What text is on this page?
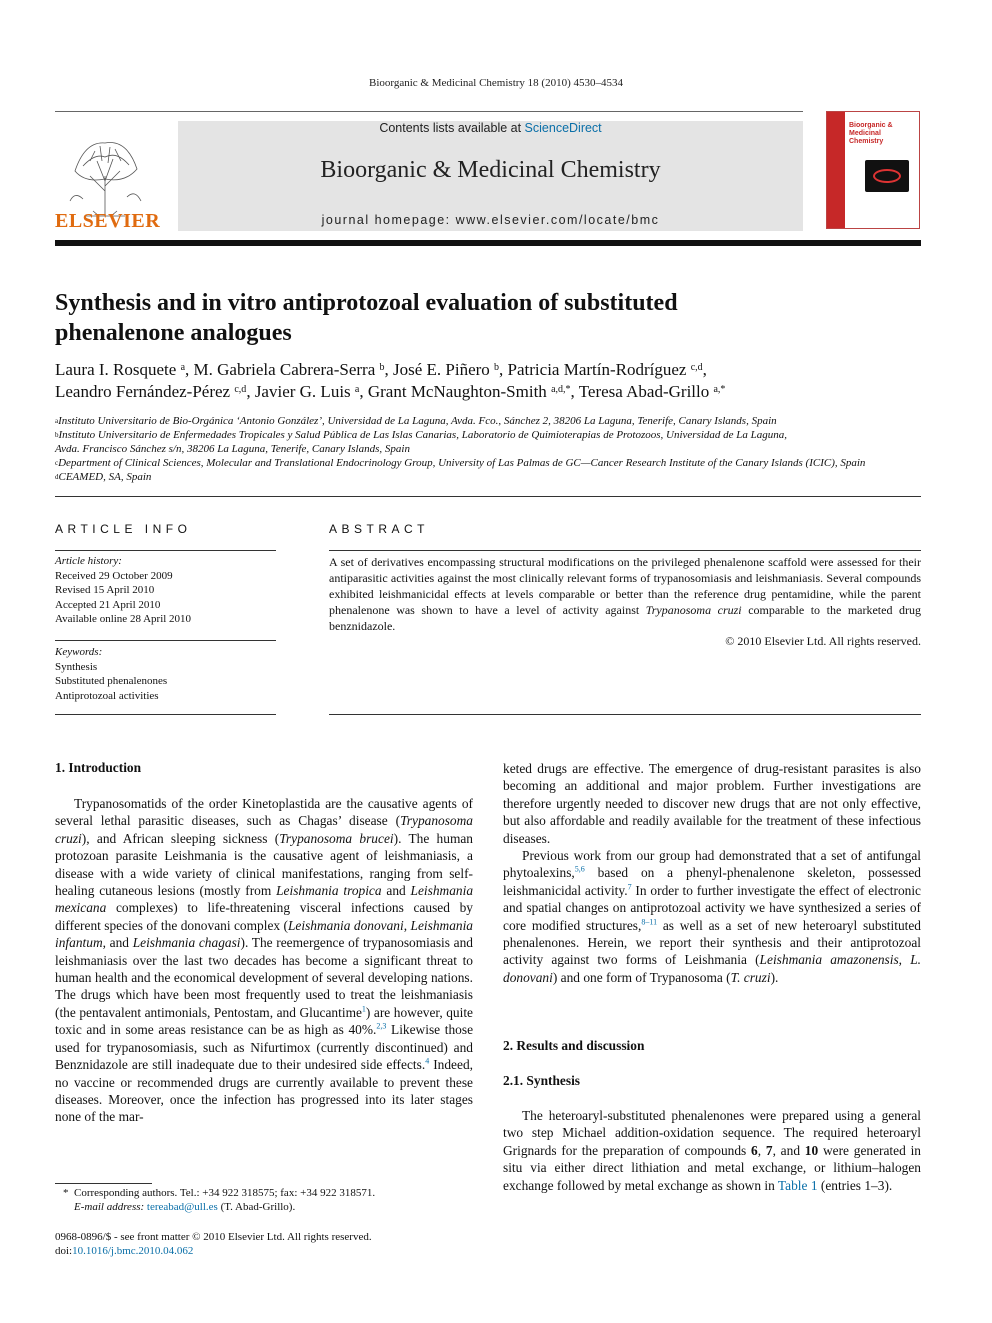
Bioorganic & Medicinal Chemistry 18 (2010) 4530–4534
ELSEVIER
Contents lists available at ScienceDirect
Bioorganic & Medicinal Chemistry
journal homepage: www.elsevier.com/locate/bmc
Bioorganic & Medicinal Chemistry
Synthesis and in vitro antiprotozoal evaluation of substituted
phenalenone analogues
Laura I. Rosquete $^a$, M. Gabriela Cabrera-Serra $^b$, José E. Piñero $^b$, Patricia Martín-Rodríguez $^{c,d}$,
Leandro Fernández-Pérez $^{c,d}$, Javier G. Luis $^a$, Grant McNaughton-Smith $^{a,d,*}$, Teresa Abad-Grillo $^{a,*}$
$^a$Instituto Universitario de Bio-Orgánica ‘Antonio González’, Universidad de La Laguna, Avda. Fco., Sánchez 2, 38206 La Laguna, Tenerife, Canary Islands, Spain
$^b$Instituto Universitario de Enfermedades Tropicales y Salud Pública de Las Islas Canarias, Laboratorio de Quimioterapias de Protozoos, Universidad de La Laguna,
Avda. Francisco Sánchez s/n, 38206 La Laguna, Tenerife, Canary Islands, Spain
$^c$Department of Clinical Sciences, Molecular and Translational Endocrinology Group, University of Las Palmas de GC—Cancer Research Institute of the Canary Islands (ICIC), Spain
$^d$CEAMED, SA, Spain
ARTICLE INFO	ABSTRACT
Article history:
Received 29 October 2009
Revised 15 April 2010
Accepted 21 April 2010
Available online 28 April 2010
Keywords:
Synthesis
Substituted phenalenones
Antiprotozoal activities
A set of derivatives encompassing structural modifications on the privileged phenalenone scaffold were assessed for their antiparasitic activities against the most clinically relevant forms of trypanosomiasis and leishmaniasis. Several compounds exhibited leishmanicidal effects at levels comparable or better than the reference drug pentamidine, while the parent phenalenone was shown to have a level of activity against Trypanosoma cruzi comparable to the marketed drug benznidazole.
© 2010 Elsevier Ltd. All rights reserved.
1. Introduction

Trypanosomatids of the order Kinetoplastida are the causative agents of several lethal parasitic diseases, such as Chagas’ disease (Trypanosoma cruzi), and African sleeping sickness (Trypanosoma brucei). The human protozoan parasite Leishmania is the causative agent of leishmaniasis, a disease with a wide variety of clinical manifestations, ranging from self-healing cutaneous lesions (mostly from Leishmania tropica and Leishmania mexicana complexes) to life-threatening visceral infections caused by different species of the donovani complex (Leishmania donovani, Leishmania infantum, and Leishmania chagasi). The reemergence of trypanosomiasis and leishmaniasis over the last two decades has become a significant threat to human health and the economical development of several developing nations. The drugs which have been most frequently used to treat the leishmaniasis (the pentavalent antimonials, Pentostam, and Glucantime$^1$) are however, quite toxic and in some areas resistance can be as high as 40%.$^{2,3}$ Likewise those used for trypanosomiasis, such as Nifurtimox (currently discontinued) and Benznidazole are still inadequate due to their undesired side effects.$^4$ Indeed, no vaccine or recommended drugs are currently available to prevent these diseases. Moreover, once the infection has progressed into its later stages none of the mar-

keted drugs are effective. The emergence of drug-resistant parasites is also becoming an additional and major problem. Further investigations are therefore urgently needed to discover new drugs that are not only effective, but also affordable and readily available for the treatment of these infectious diseases.

Previous work from our group had demonstrated that a set of antifungal phytoalexins,$^{5,6}$ based on a phenyl-phenalenone skeleton, possessed leishmanicidal activity.$^7$ In order to further investigate the effect of electronic and spatial changes on antiprotozoal activity we have synthesized a series of core modified structures,$^{8-11}$ as well as a set of new heteroaryl substituted phenalenones. Herein, we report their synthesis and their antiprotozoal activity against two forms of Leishmania (Leishmania amazonensis, L. donovani) and one form of Trypanosoma (T. cruzi).

2. Results and discussion
2.1. Synthesis

The heteroaryl-substituted phenalenones were prepared using a general two step Michael addition-oxidation sequence. The required heteroaryl Grignards for the preparation of compounds 6, 7, and 10 were generated in situ via either direct lithiation and metal exchange, or lithium–halogen exchange followed by metal exchange as shown in Table 1 (entries 1–3).

*  Corresponding authors. Tel.: +34 922 318575; fax: +34 922 318571.
E-mail address: tereabad@ull.es (T. Abad-Grillo).
0968-0896/$ - see front matter © 2010 Elsevier Ltd. All rights reserved.
doi:10.1016/j.bmc.2010.04.062
